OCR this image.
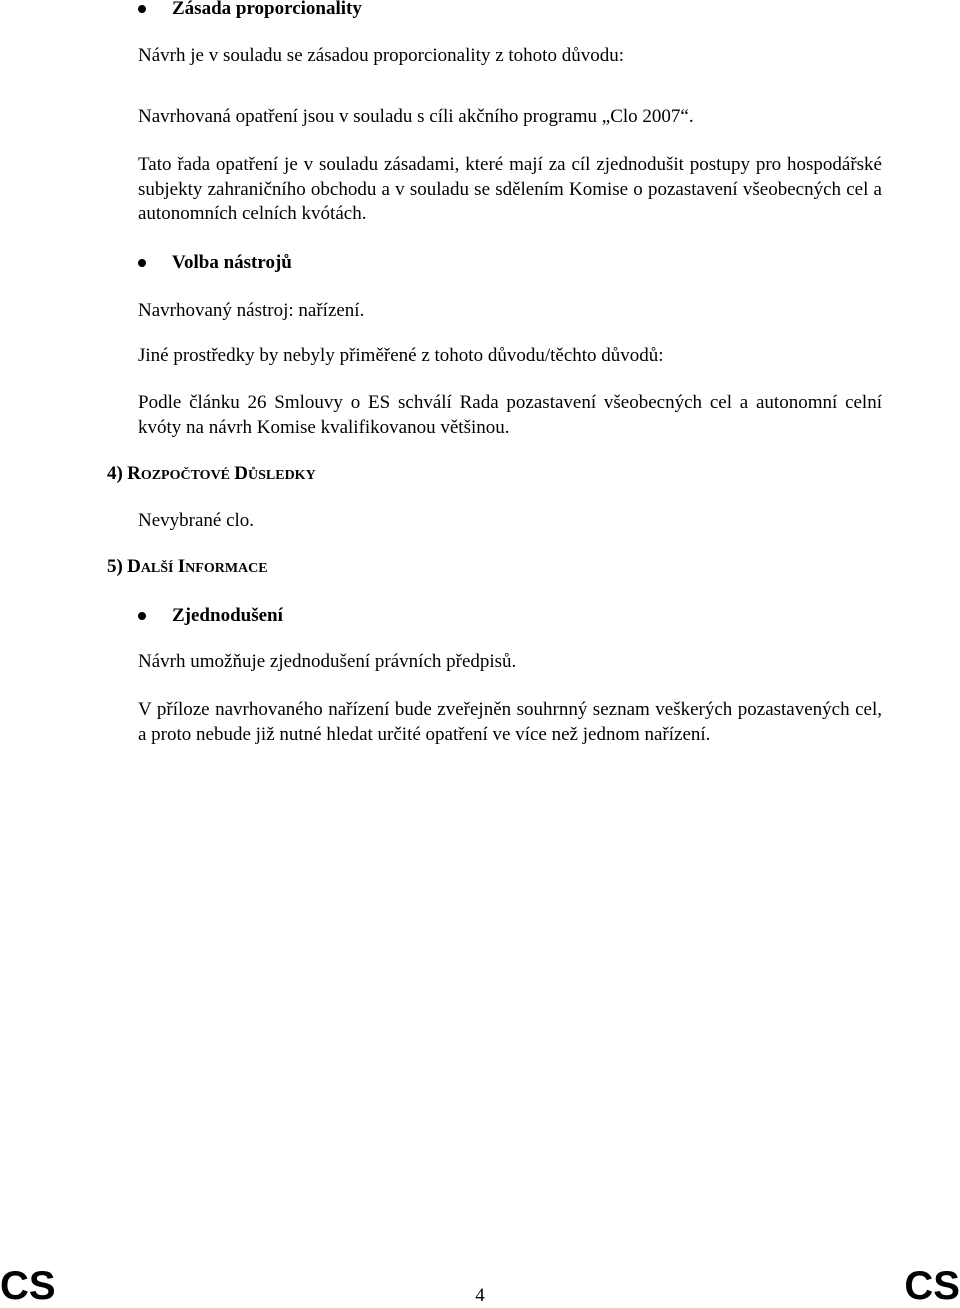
Zásada proporcionality
Návrh je v souladu se zásadou proporcionality z tohoto důvodu:
Navrhovaná opatření jsou v souladu s cíli akčního programu „Clo 2007“.
Tato řada opatření je v souladu zásadami, které mají za cíl zjednodušit postupy pro hospodářské subjekty zahraničního obchodu a v souladu se sdělením Komise o pozastavení všeobecných cel a autonomních celních kvótách.
Volba nástrojů
Navrhovaný nástroj: nařízení.
Jiné prostředky by nebyly přiměřené z tohoto důvodu/těchto důvodů:
Podle článku 26 Smlouvy o ES schválí Rada pozastavení všeobecných cel a autonomní celní kvóty na návrh Komise kvalifikovanou většinou.
4) ROZPOČTOVÉ DŮSLEDKY
Nevybrané clo.
5) DALŠÍ INFORMACE
Zjednodušení
Návrh umožňuje zjednodušení právních předpisů.
V příloze navrhovaného nařízení bude zveřejněn souhrnný seznam veškerých pozastavených cel, a proto nebude již nutné hledat určité opatření ve více než jednom nařízení.
CS	4	CS
